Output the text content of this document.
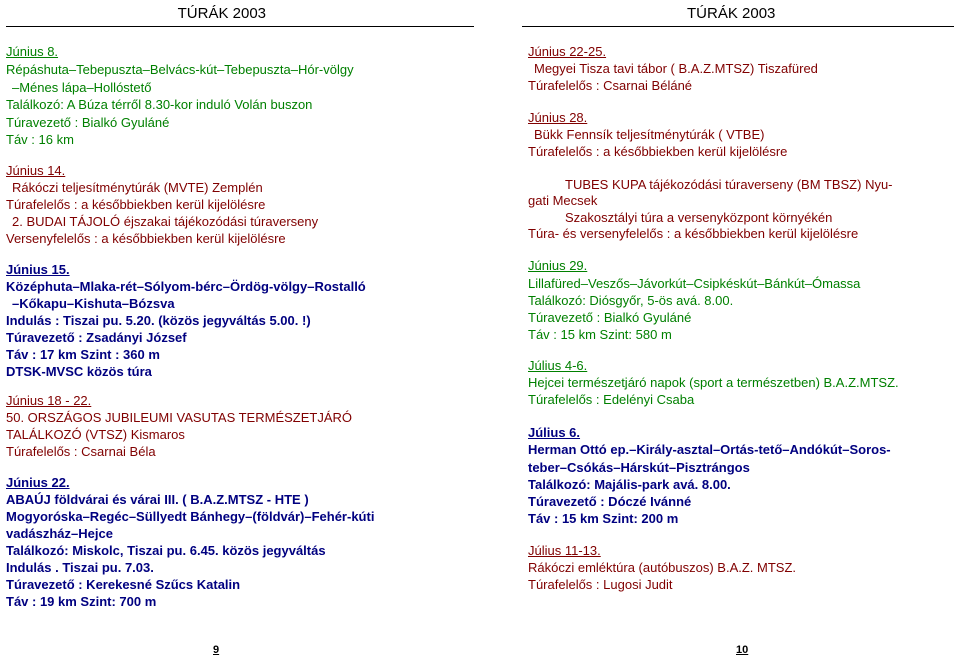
TÚRÁK 2003
Június 8.
Répáshuta–Tebepuszta–Belvács-kút–Tebepuszta–Hór-völgy
–Ménes lápa–Hollóstető
Találkozó: A Búza térről 8.30-kor induló Volán buszon
Túravezető : Bialkó Gyuláné
Táv : 16 km
Június 14.
Rákóczi teljesítménytúrák (MVTE) Zemplén
Túrafelelős : a későbbiekben kerül kijelölésre
2. BUDAI TÁJOLÓ éjszakai tájékozódási túraverseny
Versenyfelelős : a későbbiekben kerül kijelölésre
Június 15.
Középhuta–Mlaka-rét–Sólyom-bérc–Ördög-völgy–Rostalló
–Kőkapu–Kishuta–Bózsva
Indulás : Tiszai pu. 5.20. (közös jegyváltás 5.00. !)
Túravezető : Zsadányi József
Táv : 17 km Szint : 360 m
DTSK-MVSC közös túra
Június 18 - 22.
50. ORSZÁGOS JUBILEUMI VASUTAS TERMÉSZETJÁRÓ
TALÁLKOZÓ (VTSZ) Kismaros
Túrafelelős : Csarnai Béla
Június 22.
ABAÚJ földvárai és várai III. ( B.A.Z.MTSZ - HTE )
Mogyoróska–Regéc–Süllyedt Bánhegy–(földvár)–Fehér-kúti
vadászház–Hejce
Találkozó: Miskolc, Tiszai pu. 6.45. közös jegyváltás
Indulás . Tiszai pu. 7.03.
Túravezető : Kerekesné Szűcs Katalin
Táv : 19 km Szint: 700 m
9
TÚRÁK 2003
Június 22-25.
Megyei Tisza tavi tábor ( B.A.Z.MTSZ) Tiszafüred
Túrafelelős : Csarnai Béláné
Június 28.
Bükk Fennsík teljesítménytúrák ( VTBE)
Túrafelelős : a későbbiekben kerül kijelölésre
TUBES KUPA tájékozódási túraverseny (BM TBSZ) Nyu-
gati Mecsek
Szakosztályi túra a versenyközpont környékén
Túra- és versenyfelelős : a későbbiekben kerül kijelölésre
Június 29.
Lillafüred–Veszős–Jávorkút–Csipkéskút–Bánkút–Ómassa
Találkozó: Diósgyőr, 5-ös avá. 8.00.
Túravezető : Bialkó Gyuláné
Táv : 15 km Szint: 580 m
Július 4-6.
Hejcei természetjáró napok (sport a természetben) B.A.Z.MTSZ.
Túrafelelős : Edelényi Csaba
Július 6.
Herman Ottó ep.–Király-asztal–Ortás-tető–Andókút–Soros-
teber–Csókás–Hárskút–Pisztrángos
Találkozó: Majális-park avá. 8.00.
Túravezető : Dóczé Ivánné
Táv : 15 km Szint: 200 m
Július 11-13.
Rákóczi emléktúra (autóbuszos) B.A.Z. MTSZ.
Túrafelelős : Lugosi Judit
10
